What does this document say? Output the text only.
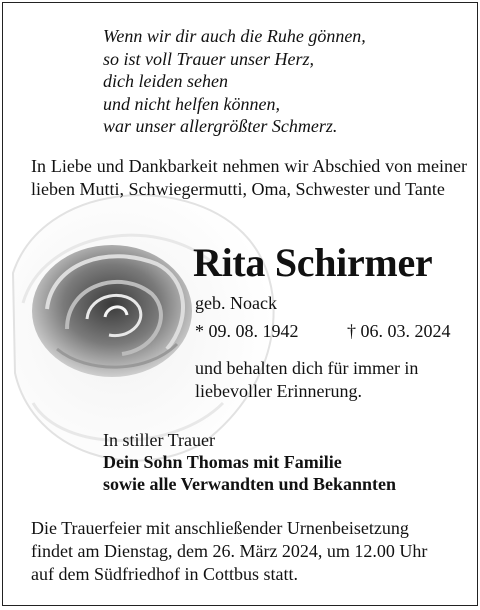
Wenn wir dir auch die Ruhe gönnen,
so ist voll Trauer unser Herz,
dich leiden sehen
und nicht helfen können,
war unser allergrößter Schmerz.
In Liebe und Dankbarkeit nehmen wir Abschied von meiner lieben Mutti, Schwiegermutti, Oma, Schwester und Tante
Rita Schirmer
geb. Noack
* 09. 08. 1942	† 06. 03. 2024
und behalten dich für immer in
liebevoller Erinnerung.
In stiller Trauer
Dein Sohn Thomas mit Familie
sowie alle Verwandten und Bekannten
Die Trauerfeier mit anschließender Urnenbeisetzung
findet am Dienstag, dem 26. März 2024, um 12.00 Uhr
auf dem Südfriedhof in Cottbus statt.
